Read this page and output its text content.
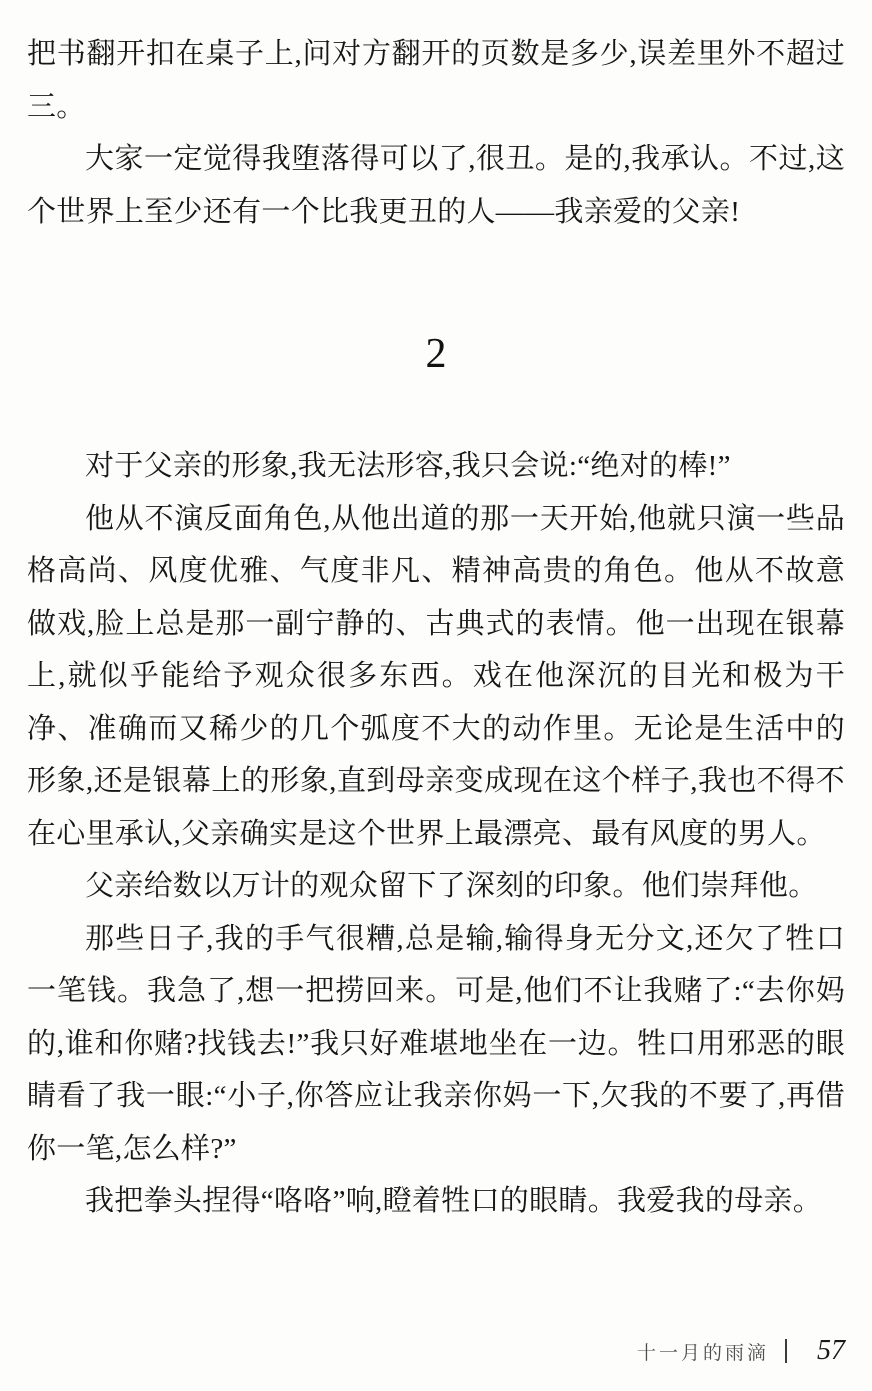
把书翻开扣在桌子上,问对方翻开的页数是多少,误差里外不超过三。

大家一定觉得我堕落得可以了,很丑。是的,我承认。不过,这个世界上至少还有一个比我更丑的人——我亲爱的父亲!

2

对于父亲的形象,我无法形容,我只会说:“绝对的棒!”

他从不演反面角色,从他出道的那一天开始,他就只演一些品格高尚、风度优雅、气度非凡、精神高贵的角色。他从不故意做戏,脸上总是那一副宁静的、古典式的表情。他一出现在银幕上,就似乎能给予观众很多东西。戏在他深沉的目光和极为干净、准确而又稀少的几个弧度不大的动作里。无论是生活中的形象,还是银幕上的形象,直到母亲变成现在这个样子,我也不得不在心里承认,父亲确实是这个世界上最漂亮、最有风度的男人。

父亲给数以万计的观众留下了深刻的印象。他们崇拜他。

那些日子,我的手气很糟,总是输,输得身无分文,还欠了牲口一笔钱。我急了,想一把捞回来。可是,他们不让我赌了:“去你妈的,谁和你赌?找钱去!”我只好难堪地坐在一边。牲口用邪恶的眼睛看了我一眼:“小子,你答应让我亲你妈一下,欠我的不要了,再借你一笔,怎么样?”

我把拳头捏得“咯咯”响,瞪着牲口的眼睛。我爱我的母亲。

十一月的雨滴 57
